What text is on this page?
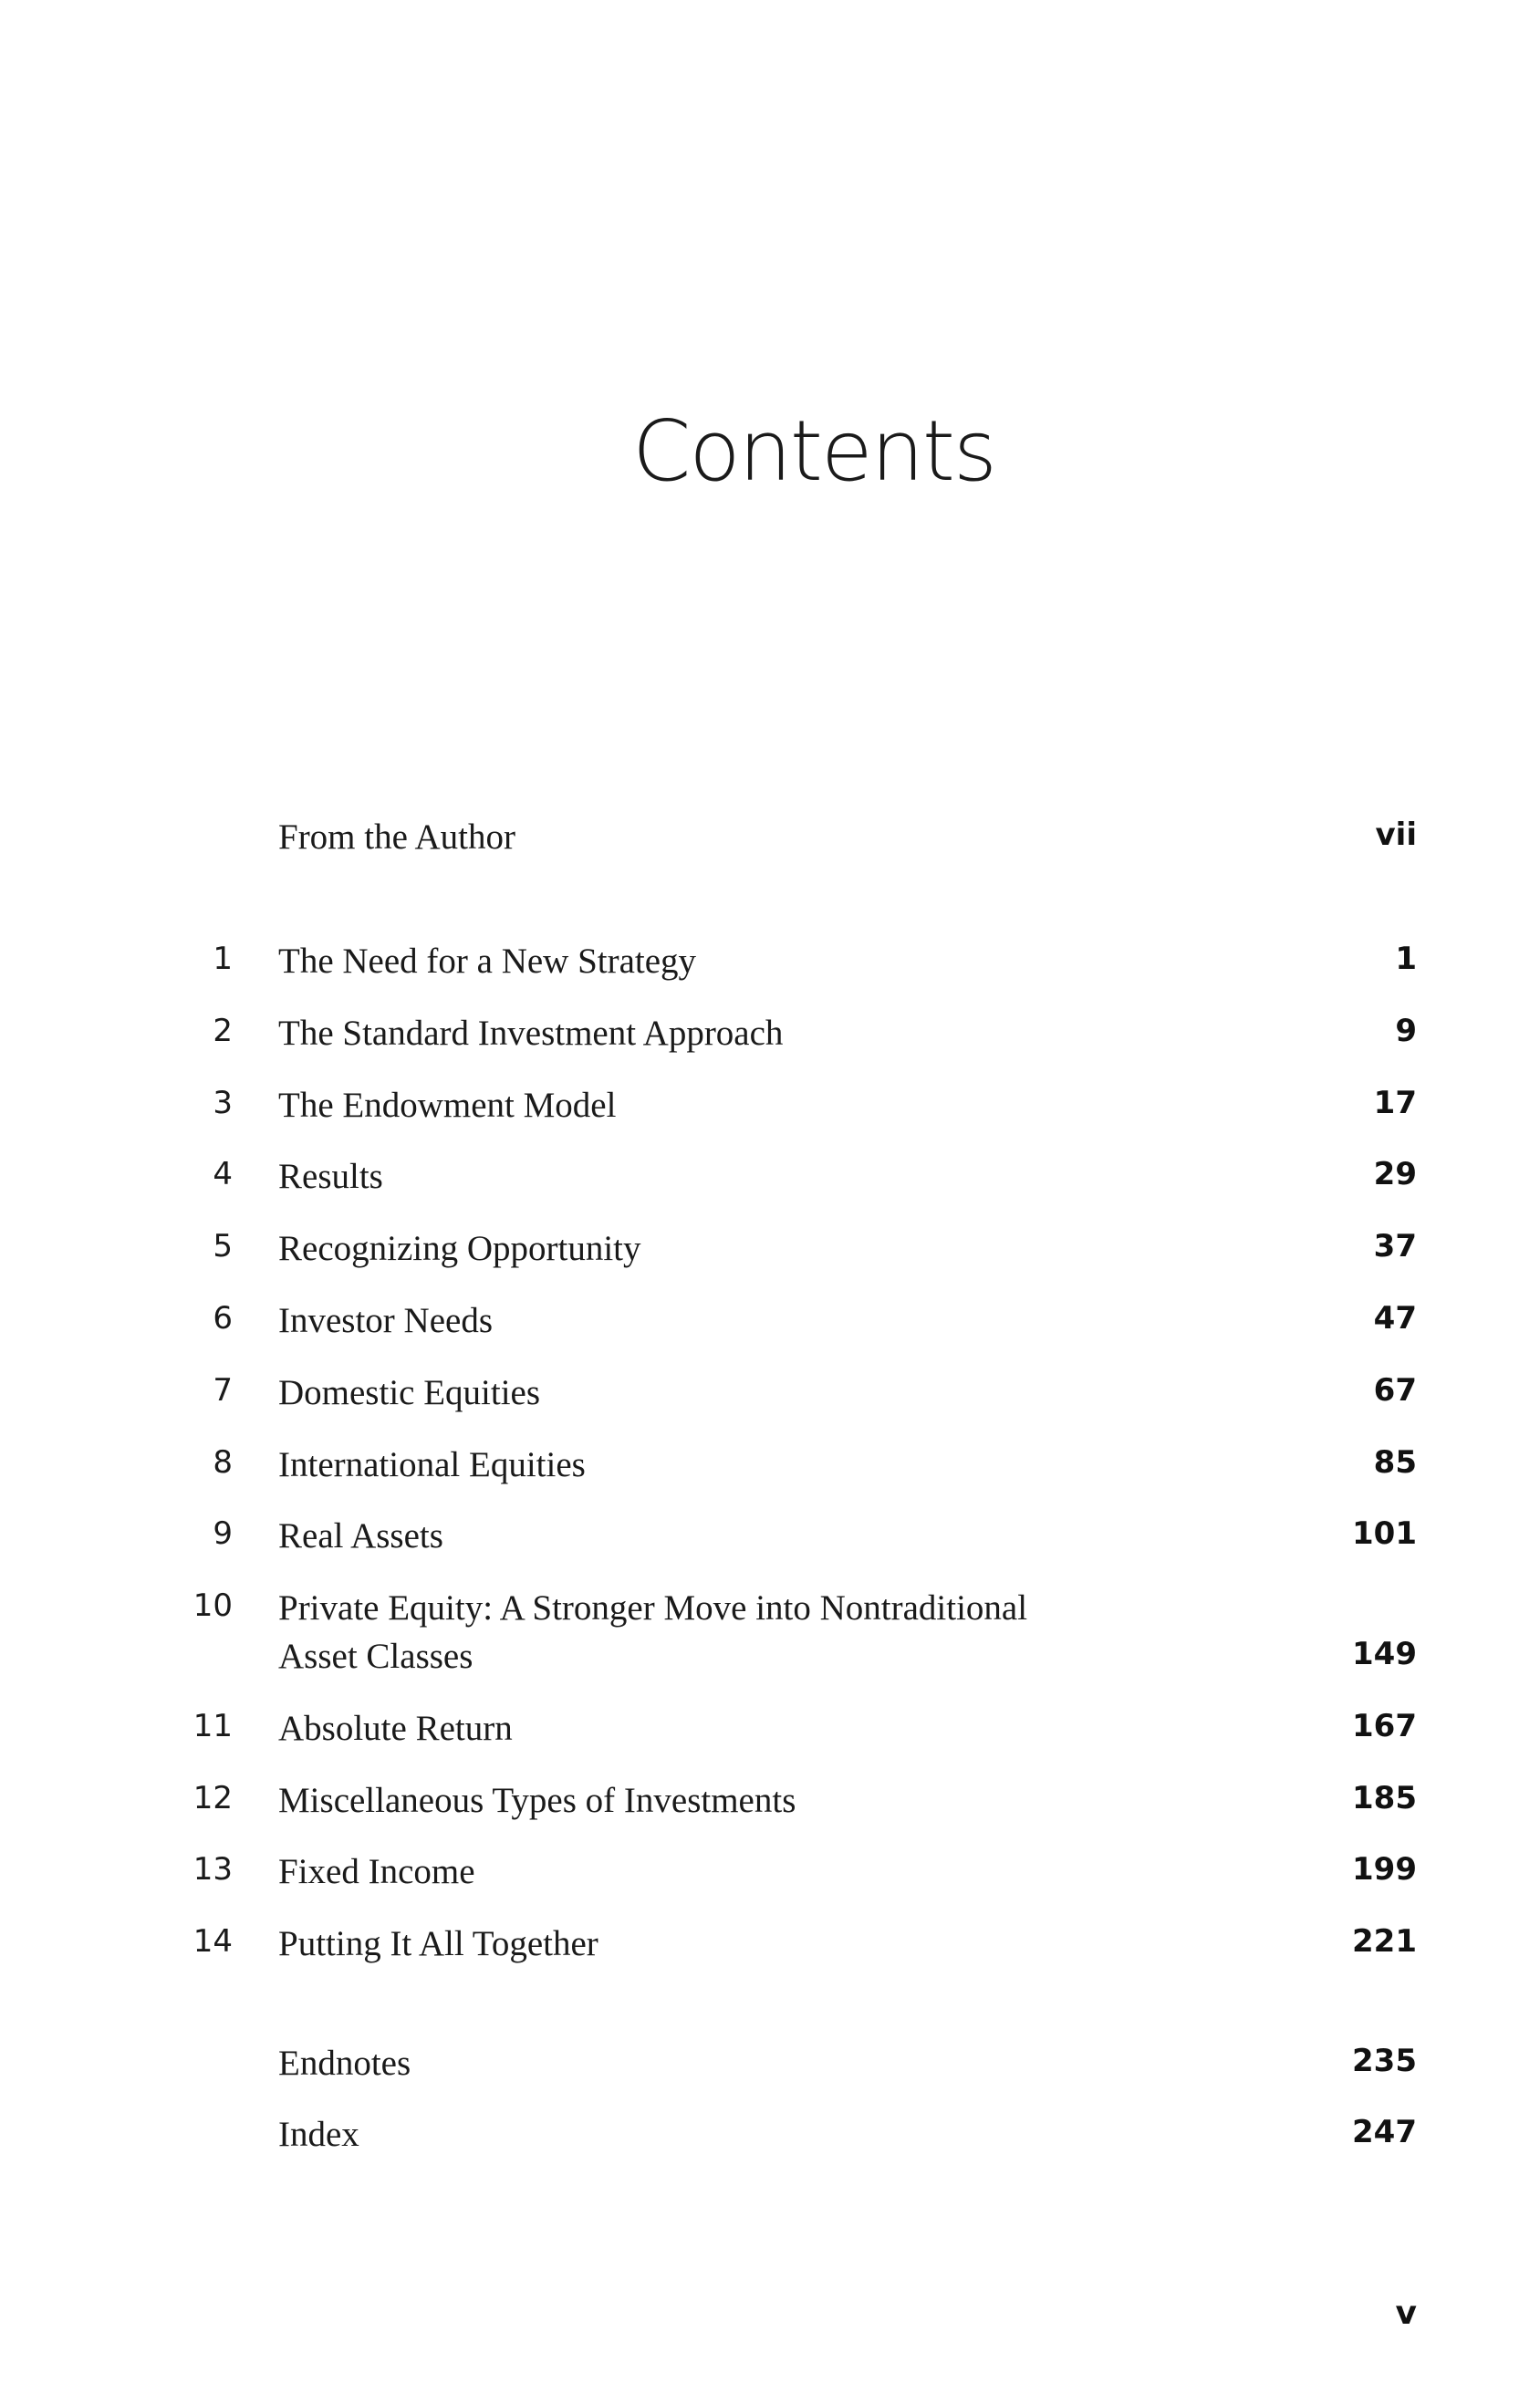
Contents
From the Author	vii
1 The Need for a New Strategy	1
2 The Standard Investment Approach	9
3 The Endowment Model	17
4 Results	29
5 Recognizing Opportunity	37
6 Investor Needs	47
7 Domestic Equities	67
8 International Equities	85
9 Real Assets	101
10 Private Equity: A Stronger Move into Nontraditional
Asset Classes	149
11 Absolute Return	167
12 Miscellaneous Types of Investments	185
13 Fixed Income	199
14 Putting It All Together	221
Endnotes	235
Index	247
v
